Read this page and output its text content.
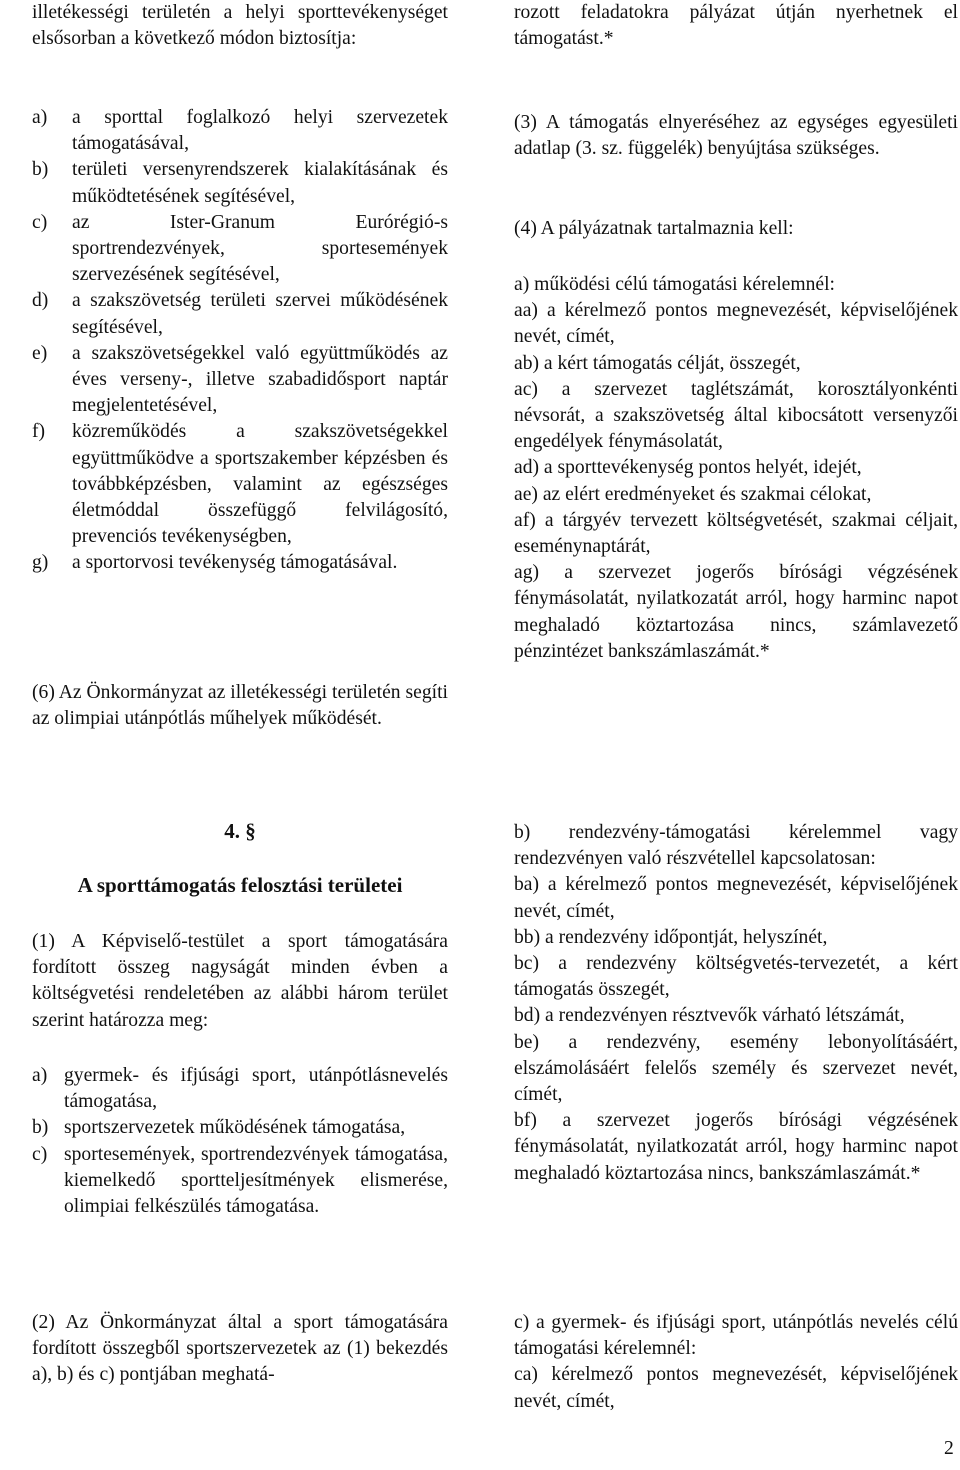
illetékességi területén a helyi sporttevékenységet elsősorban a következő módon biztosítja:

a) a sporttal foglalkozó helyi szervezetek támogatásával,

b) területi versenyrendszerek kialakításának és működtetésének segítésével,

c) az Ister-Granum Eurórégió-s sportrendezvények, sportesemények szervezésének segítésével,

d) a szakszövetség területi szervei működésének segítésével,

e) a szakszövetségekkel való együttműködés az éves verseny-, illetve szabadidősport naptár megjelentetésével,

f) közreműködés a szakszövetségekkel együttműködve a sportszakember képzésben és továbbképzésben, valamint az egészséges életmóddal összefüggő felvilágosító, prevenciós tevékenységben,

g) a sportorvosi tevékenység támogatásával.

(6) Az Önkormányzat az illetékességi területén segíti az olimpiai utánpótlás műhelyek működését.

4. §

A sporttámogatás felosztási területei

(1) A Képviselő-testület a sport támogatására fordított összeg nagyságát minden évben a költségvetési rendeletében az alábbi három terület szerint határozza meg:

a) gyermek- és ifjúsági sport, utánpótlásnevelés támogatása,

b) sportszervezetek működésének támogatása,

c) sportesemények, sportrendezvények támogatása, kiemelkedő sportteljesítmények elismerése, olimpiai felkészülés támogatása.

(2) Az Önkormányzat által a sport támogatására fordított összegből sportszervezetek az (1) bekezdés a), b) és c) pontjában meghatá-

rozott feladatokra pályázat útján nyerhetnek el támogatást.*

(3) A támogatás elnyeréséhez az egységes egyesületi adatlap (3. sz. függelék) benyújtása szükséges.

(4) A pályázatnak tartalmaznia kell:

a) működési célú támogatási kérelemnél:

aa) a kérelmező pontos megnevezését, képviselőjének nevét, címét,

ab) a kért támogatás célját, összegét,

ac) a szervezet taglétszámát, korosztályonkénti névsorát, a szakszövetség által kibocsátott versenyzői engedélyek fénymásolatát,

ad) a sporttevékenység pontos helyét, idejét,

ae) az elért eredményeket és szakmai célokat,

af) a tárgyév tervezett költségvetését, szakmai céljait, eseménynaptárát,

ag) a szervezet jogerős bírósági végzésének fénymásolatát, nyilatkozatát arról, hogy harminc napot meghaladó köztartozása nincs, számlavezető pénzintézet bankszámlaszámát.*

b) rendezvény-támogatási kérelemmel vagy rendezvényen való részvétellel kapcsolatosan:

ba) a kérelmező pontos megnevezését, képviselőjének nevét, címét,

bb) a rendezvény időpontját, helyszínét,

bc) a rendezvény költségvetés-tervezetét, a kért támogatás összegét,

bd) a rendezvényen résztvevők várható létszámát,

be) a rendezvény, esemény lebonyolításáért, elszámolásáért felelős személy és szervezet nevét, címét,

bf) a szervezet jogerős bírósági végzésének fénymásolatát, nyilatkozatát arról, hogy harminc napot meghaladó köztartozása nincs, bankszámlaszámát.*

c) a gyermek- és ifjúsági sport, utánpótlás nevelés célú támogatási kérelemnél:

ca) kérelmező pontos megnevezését, képviselőjének nevét, címét,

2
